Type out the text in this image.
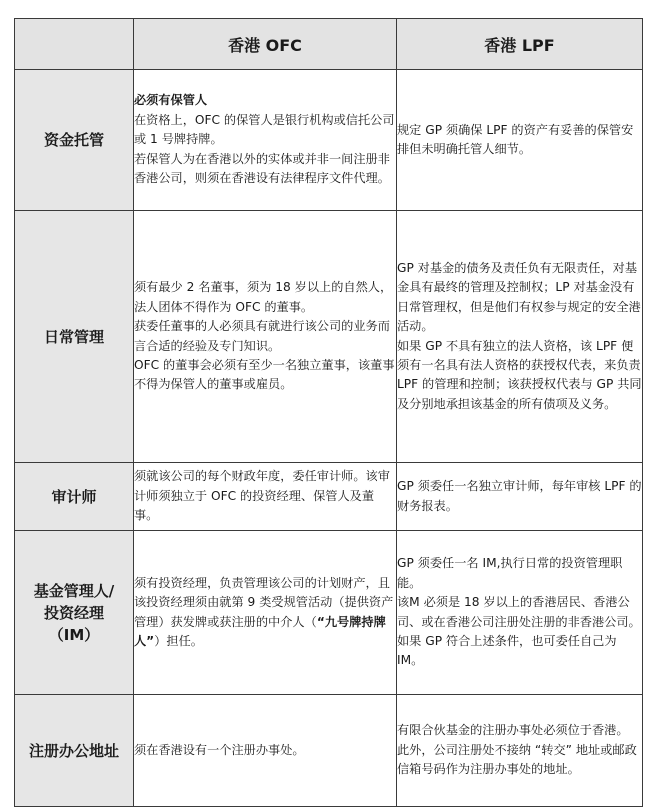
	香港 OFC	香港 LPF
资金托管	必须有保管人
在资格上，OFC 的保管人是银行机构或信托公司或 1 号牌持牌。
若保管人为在香港以外的实体或并非一间注册非香港公司，则须在香港设有法律程序文件代理。	规定 GP 须确保 LPF 的资产有妥善的保管安排但未明确托管人细节。

日常管理	须有最少 2 名董事，须为 18 岁以上的自然人，法人团体不得作为 OFC 的董事。
获委任董事的人必须具有就进行该公司的业务而言合适的经验及专门知识。
OFC 的董事会必须有至少一名独立董事，该董事不得为保管人的董事或雇员。	GP 对基金的债务及责任负有无限责任，对基金具有最终的管理及控制权；LP 对基金没有日常管理权，但是他们有权参与规定的安全港活动。
如果 GP 不具有独立的法人资格，该 LPF 便须有一名具有法人资格的获授权代表，来负责 LPF 的管理和控制；该获授权代表与 GP 共同及分别地承担该基金的所有债项及义务。

审计师	须就该公司的每个财政年度，委任审计师。该审计师须独立于 OFC 的投资经理、保管人及董事。	GP 须委任一名独立审计师，每年审核 LPF 的财务报表。

基金管理人/
投资经理
（IM）	须有投资经理，负责管理该公司的计划财产，且该投资经理须由就第 9 类受规管活动（提供资产管理）获发牌或获注册的中介人（“九号牌持牌人”）担任。	GP 须委任一名 IM,执行日常的投资管理职能。
该M 必须是 18 岁以上的香港居民、香港公司、或在香港公司注册处注册的非香港公司。
如果 GP 符合上述条件，也可委任自己为 IM。

注册办公地址	须在香港设有一个注册办事处。	有限合伙基金的注册办事处必须位于香港。
此外，公司注册处不接纳 “转交” 地址或邮政信箱号码作为注册办事处的地址。
